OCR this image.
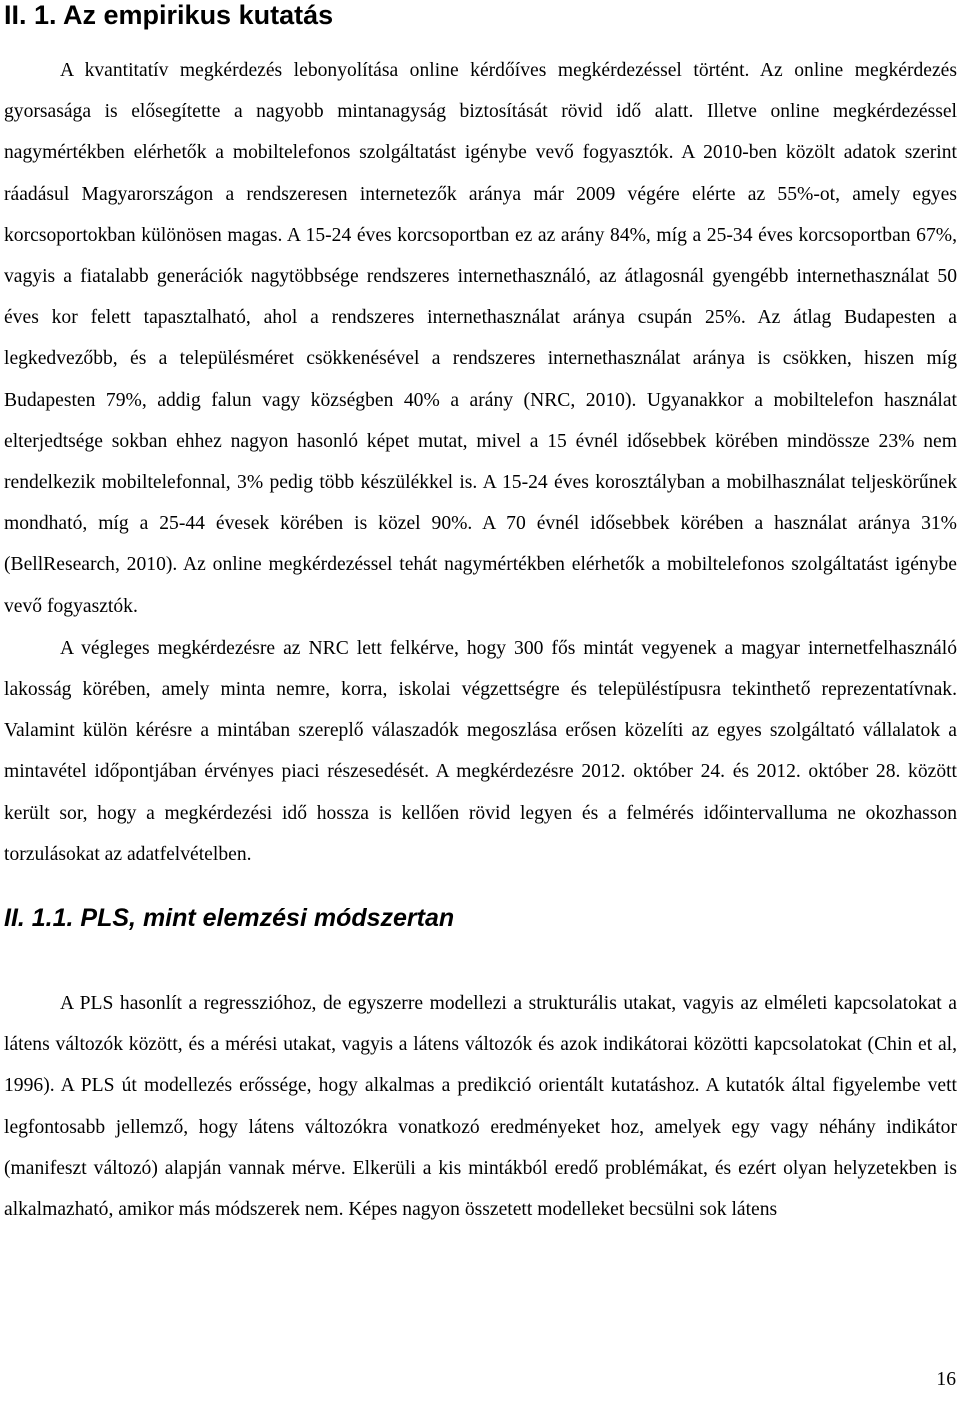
II. 1. Az empirikus kutatás

A kvantitatív megkérdezés lebonyolítása online kérdőíves megkérdezéssel történt. Az online megkérdezés gyorsasága is elősegítette a nagyobb mintanagyság biztosítását rövid idő alatt. Illetve online megkérdezéssel nagymértékben elérhetők a mobiltelefonos szolgáltatást igénybe vevő fogyasztók. A 2010-ben közölt adatok szerint ráadásul Magyarországon a rendszeresen internetezők aránya már 2009 végére elérte az 55%-ot, amely egyes korcsoportokban különösen magas. A 15-24 éves korcsoportban ez az arány 84%, míg a 25-34 éves korcsoportban 67%, vagyis a fiatalabb generációk nagytöbbsége rendszeres internethasználó, az átlagosnál gyengébb internethasználat 50 éves kor felett tapasztalható, ahol a rendszeres internethasználat aránya csupán 25%. Az átlag Budapesten a legkedvezőbb, és a településméret csökkenésével a rendszeres internethasználat aránya is csökken, hiszen míg Budapesten 79%, addig falun vagy községben 40% a arány (NRC, 2010). Ugyanakkor a mobiltelefon használat elterjedtsége sokban ehhez nagyon hasonló képet mutat, mivel a 15 évnél idősebbek körében mindössze 23% nem rendelkezik mobiltelefonnal, 3% pedig több készülékkel is. A 15-24 éves korosztályban a mobilhasználat teljeskörűnek mondható, míg a 25-44 évesek körében is közel 90%. A 70 évnél idősebbek körében a használat aránya 31% (BellResearch, 2010). Az online megkérdezéssel tehát nagymértékben elérhetők a mobiltelefonos szolgáltatást igénybe vevő fogyasztók.

A végleges megkérdezésre az NRC lett felkérve, hogy 300 fős mintát vegyenek a magyar internetfelhasználó lakosság körében, amely minta nemre, korra, iskolai végzettségre és településtípusra tekinthető reprezentatívnak. Valamint külön kérésre a mintában szereplő válaszadók megoszlása erősen közelíti az egyes szolgáltató vállalatok a mintavétel időpontjában érvényes piaci részesedését. A megkérdezésre 2012. október 24. és 2012. október 28. között került sor, hogy a megkérdezési idő hossza is kellően rövid legyen és a felmérés időintervalluma ne okozhasson torzulásokat az adatfelvételben.

II. 1.1. PLS, mint elemzési módszertan

A PLS hasonlít a regresszióhoz, de egyszerre modellezi a strukturális utakat, vagyis az elméleti kapcsolatokat a látens változók között, és a mérési utakat, vagyis a látens változók és azok indikátorai közötti kapcsolatokat (Chin et al, 1996). A PLS út modellezés erőssége, hogy alkalmas a predikció orientált kutatáshoz. A kutatók által figyelembe vett legfontosabb jellemző, hogy látens változókra vonatkozó eredményeket hoz, amelyek egy vagy néhány indikátor (manifeszt változó) alapján vannak mérve. Elkerüli a kis mintákból eredő problémákat, és ezért olyan helyzetekben is alkalmazható, amikor más módszerek nem. Képes nagyon összetett modelleket becsülni sok látens

16
